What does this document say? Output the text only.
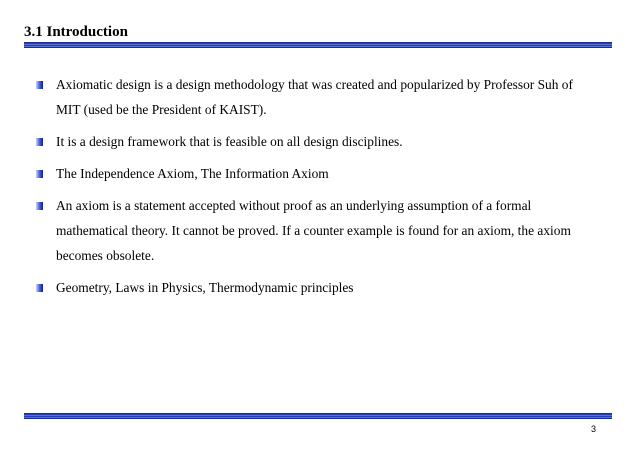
3.1 Introduction
Axiomatic design is a design methodology that was created and popularized by Professor Suh of MIT (used be the President of KAIST).
It is a design framework that is feasible on all design disciplines.
The Independence Axiom, The Information Axiom
An axiom is a statement accepted without proof as an underlying assumption of a formal mathematical theory. It cannot be proved. If a counter example is found for an axiom, the axiom becomes obsolete.
Geometry, Laws in Physics, Thermodynamic principles
3
